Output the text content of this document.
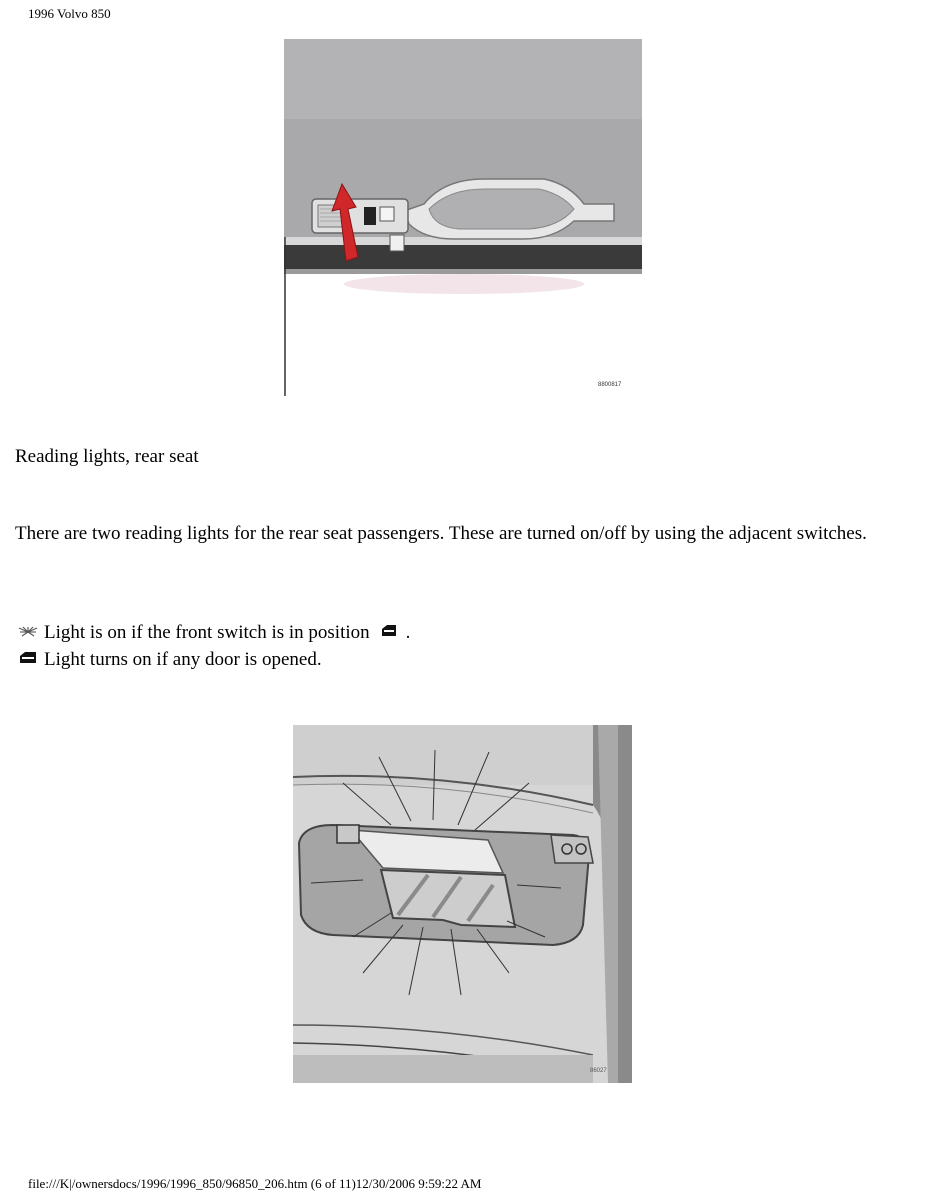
1996 Volvo 850
8800817
Reading lights, rear seat
There are two reading lights for the rear seat passengers. These are turned on/off by using the adjacent switches.
Light is on if the front switch is in position .
Light turns on if any door is opened.
86027
file:///K|/ownersdocs/1996/1996_850/96850_206.htm (6 of 11)12/30/2006 9:59:22 AM
